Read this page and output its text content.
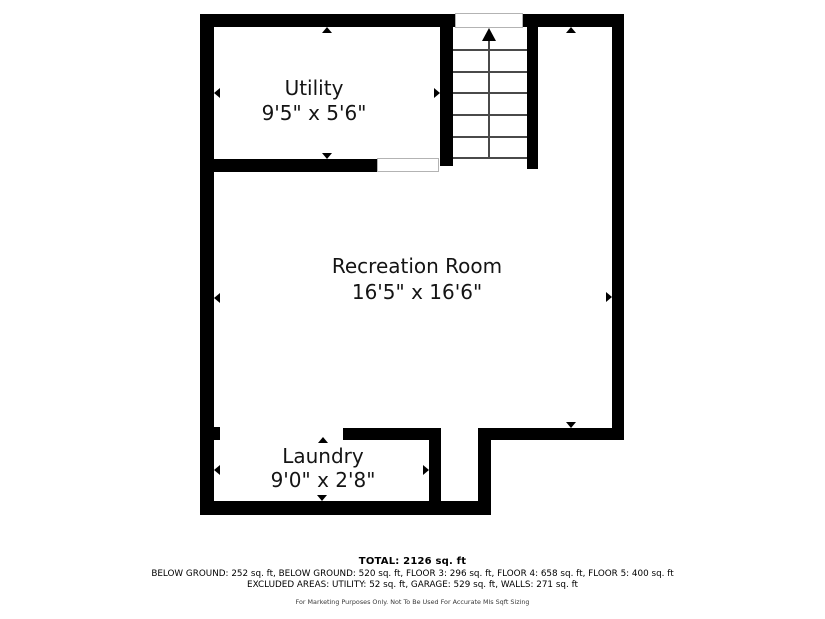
Utility
9'5" x 5'6"
Recreation Room
16'5" x 16'6"
Laundry
9'0" x 2'8"
TOTAL: 2126 sq. ft
BELOW GROUND: 252 sq. ft, BELOW GROUND: 520 sq. ft, FLOOR 3: 296 sq. ft, FLOOR 4: 658 sq. ft, FLOOR 5: 400 sq. ft
EXCLUDED AREAS: UTILITY: 52 sq. ft, GARAGE: 529 sq. ft, WALLS: 271 sq. ft
For Marketing Purposes Only. Not To Be Used For Accurate Mls Sqft Sizing
